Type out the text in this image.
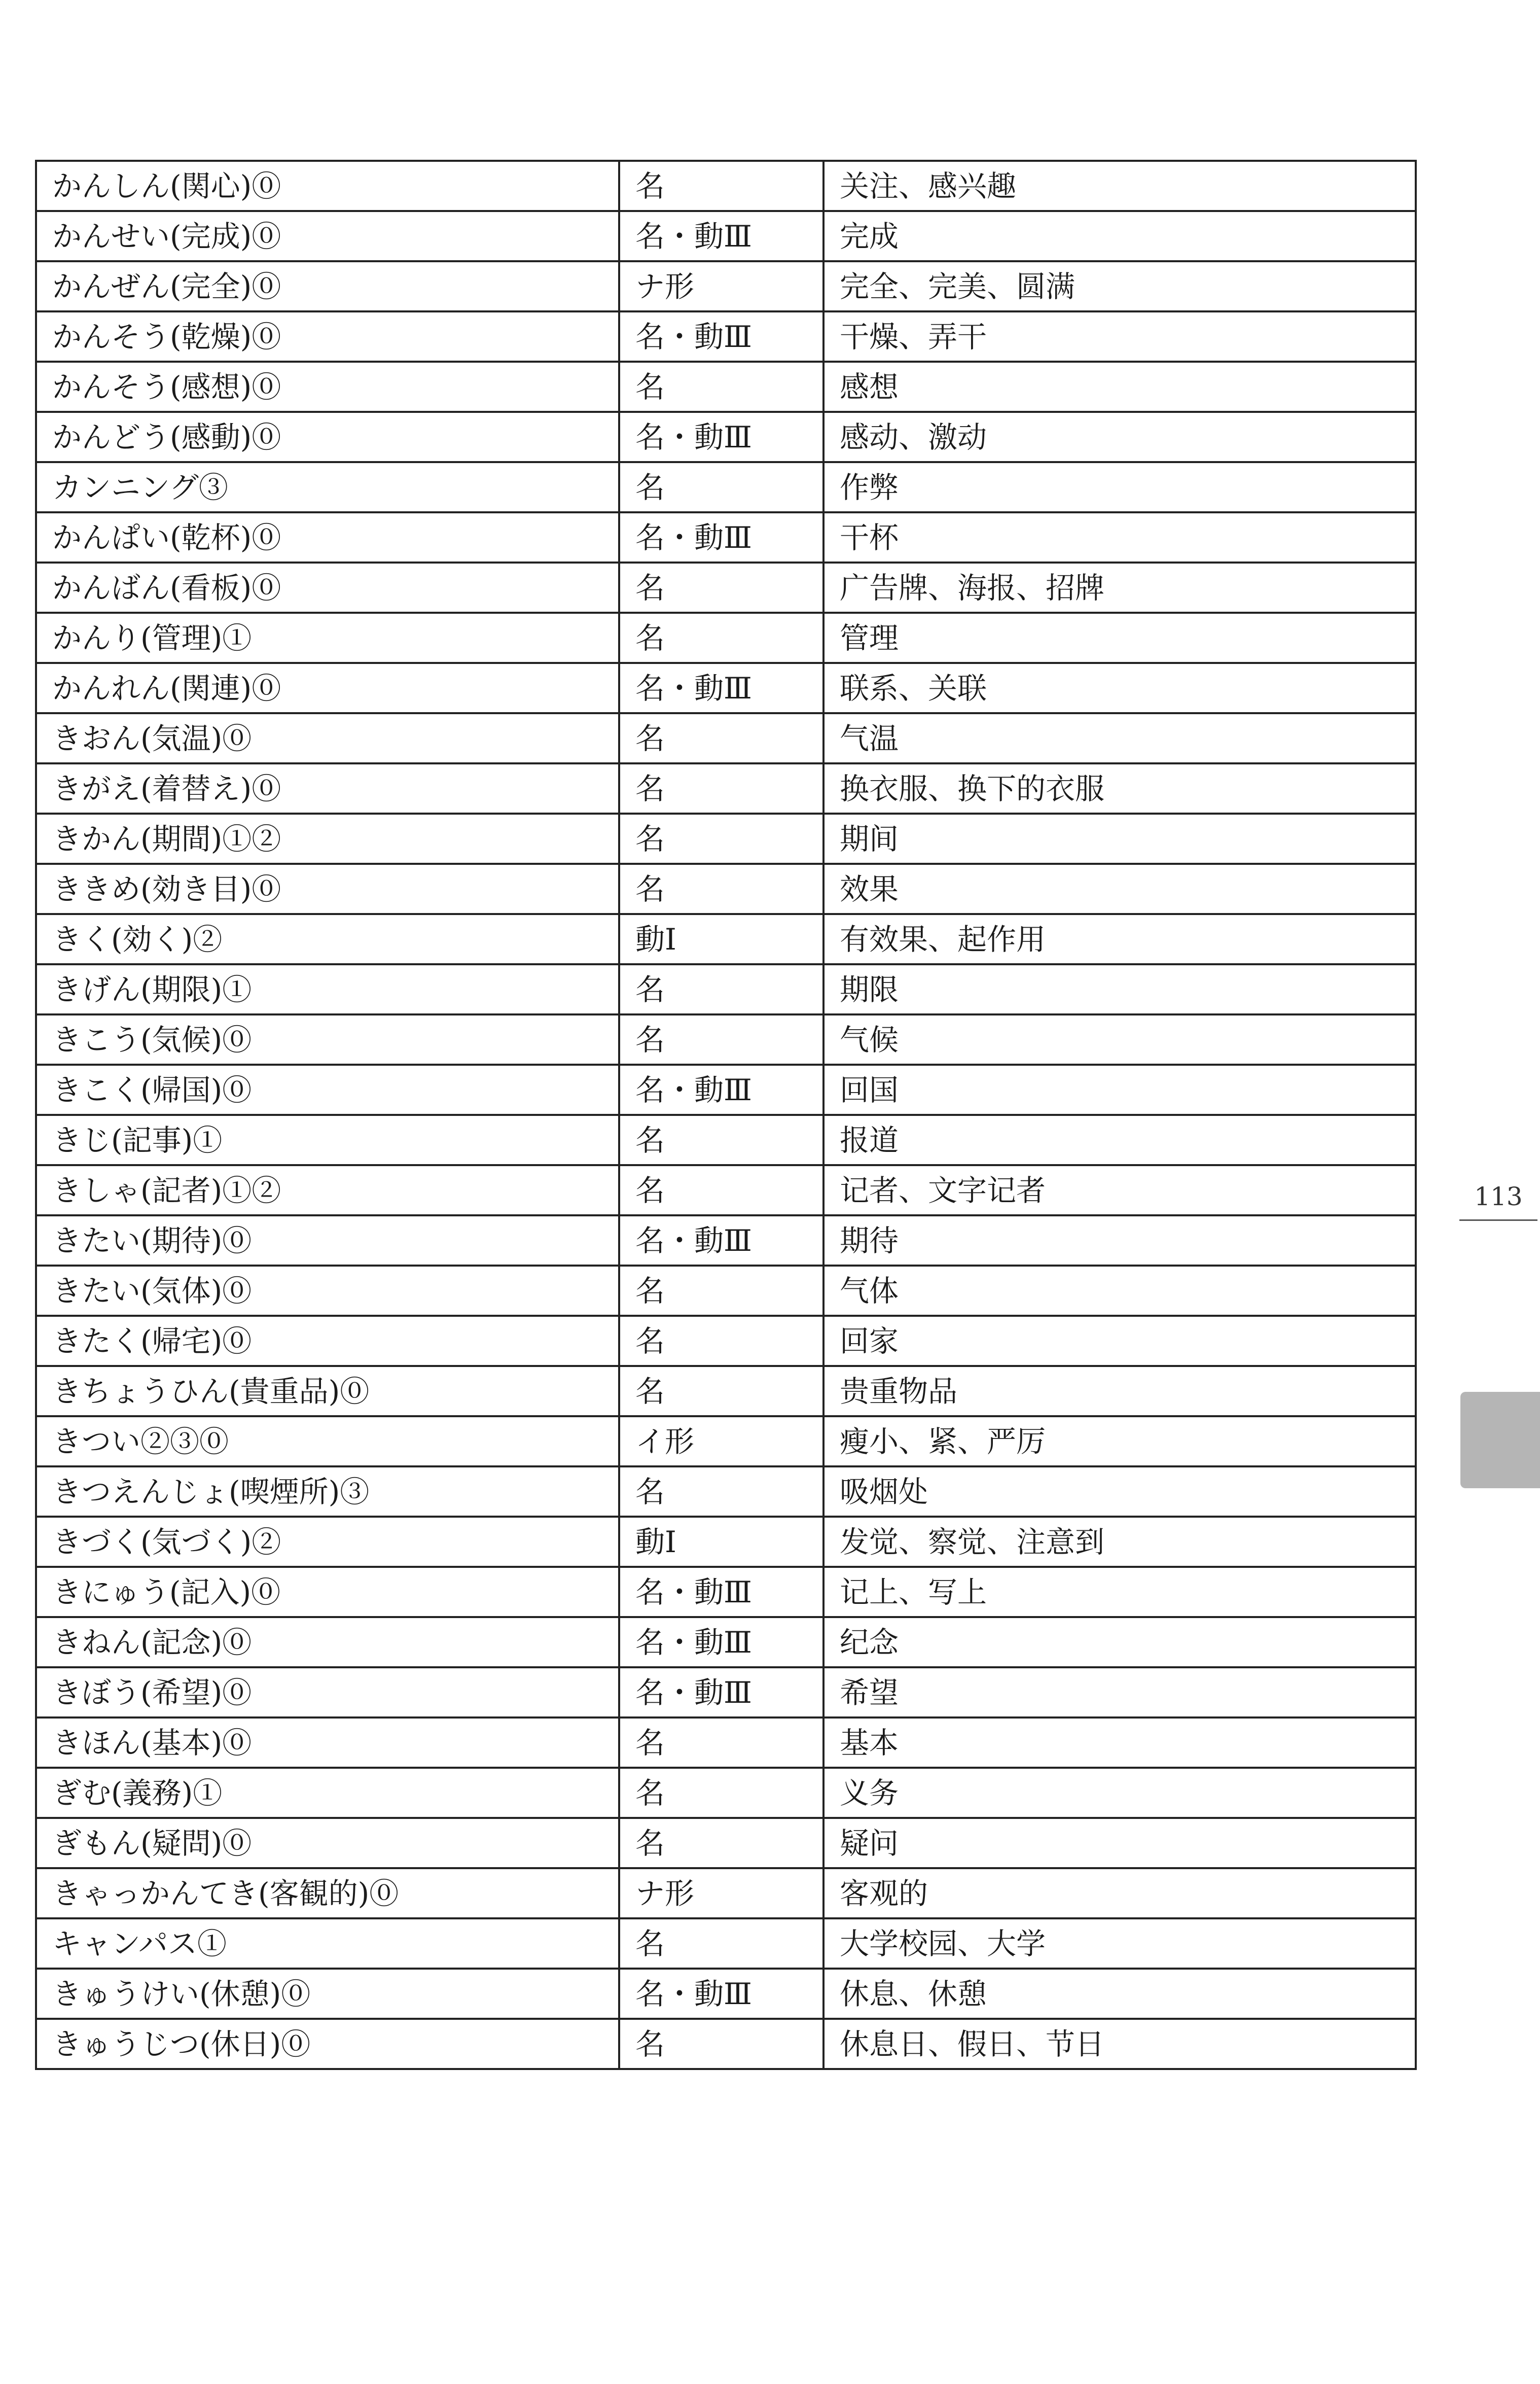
かんしん(関心)⓪	名	关注、感兴趣
かんせい(完成)⓪	名・動Ⅲ	完成
かんぜん(完全)⓪	ナ形	完全、完美、圆满
かんそう(乾燥)⓪	名・動Ⅲ	干燥、弄干
かんそう(感想)⓪	名	感想
かんどう(感動)⓪	名・動Ⅲ	感动、激动
カンニング③	名	作弊
かんぱい(乾杯)⓪	名・動Ⅲ	干杯
かんばん(看板)⓪	名	广告牌、海报、招牌
かんり(管理)①	名	管理
かんれん(関連)⓪	名・動Ⅲ	联系、关联
きおん(気温)⓪	名	气温
きがえ(着替え)⓪	名	换衣服、换下的衣服
きかん(期間)①②	名	期间
ききめ(効き目)⓪	名	效果
きく(効く)②	動Ⅰ	有效果、起作用
きげん(期限)①	名	期限
きこう(気候)⓪	名	气候
きこく(帰国)⓪	名・動Ⅲ	回国
きじ(記事)①	名	报道
きしゃ(記者)①②	名	记者、文字记者
きたい(期待)⓪	名・動Ⅲ	期待
きたい(気体)⓪	名	气体
きたく(帰宅)⓪	名	回家
きちょうひん(貴重品)⓪	名	贵重物品
きつい②③⓪	イ形	瘦小、紧、严厉
きつえんじょ(喫煙所)③	名	吸烟处
きづく(気づく)②	動Ⅰ	发觉、察觉、注意到
きにゅう(記入)⓪	名・動Ⅲ	记上、写上
きねん(記念)⓪	名・動Ⅲ	纪念
きぼう(希望)⓪	名・動Ⅲ	希望
きほん(基本)⓪	名	基本
ぎむ(義務)①	名	义务
ぎもん(疑問)⓪	名	疑问
きゃっかんてき(客観的)⓪	ナ形	客观的
キャンパス①	名	大学校园、大学
きゅうけい(休憩)⓪	名・動Ⅲ	休息、休憩
きゅうじつ(休日)⓪	名	休息日、假日、节日
113
